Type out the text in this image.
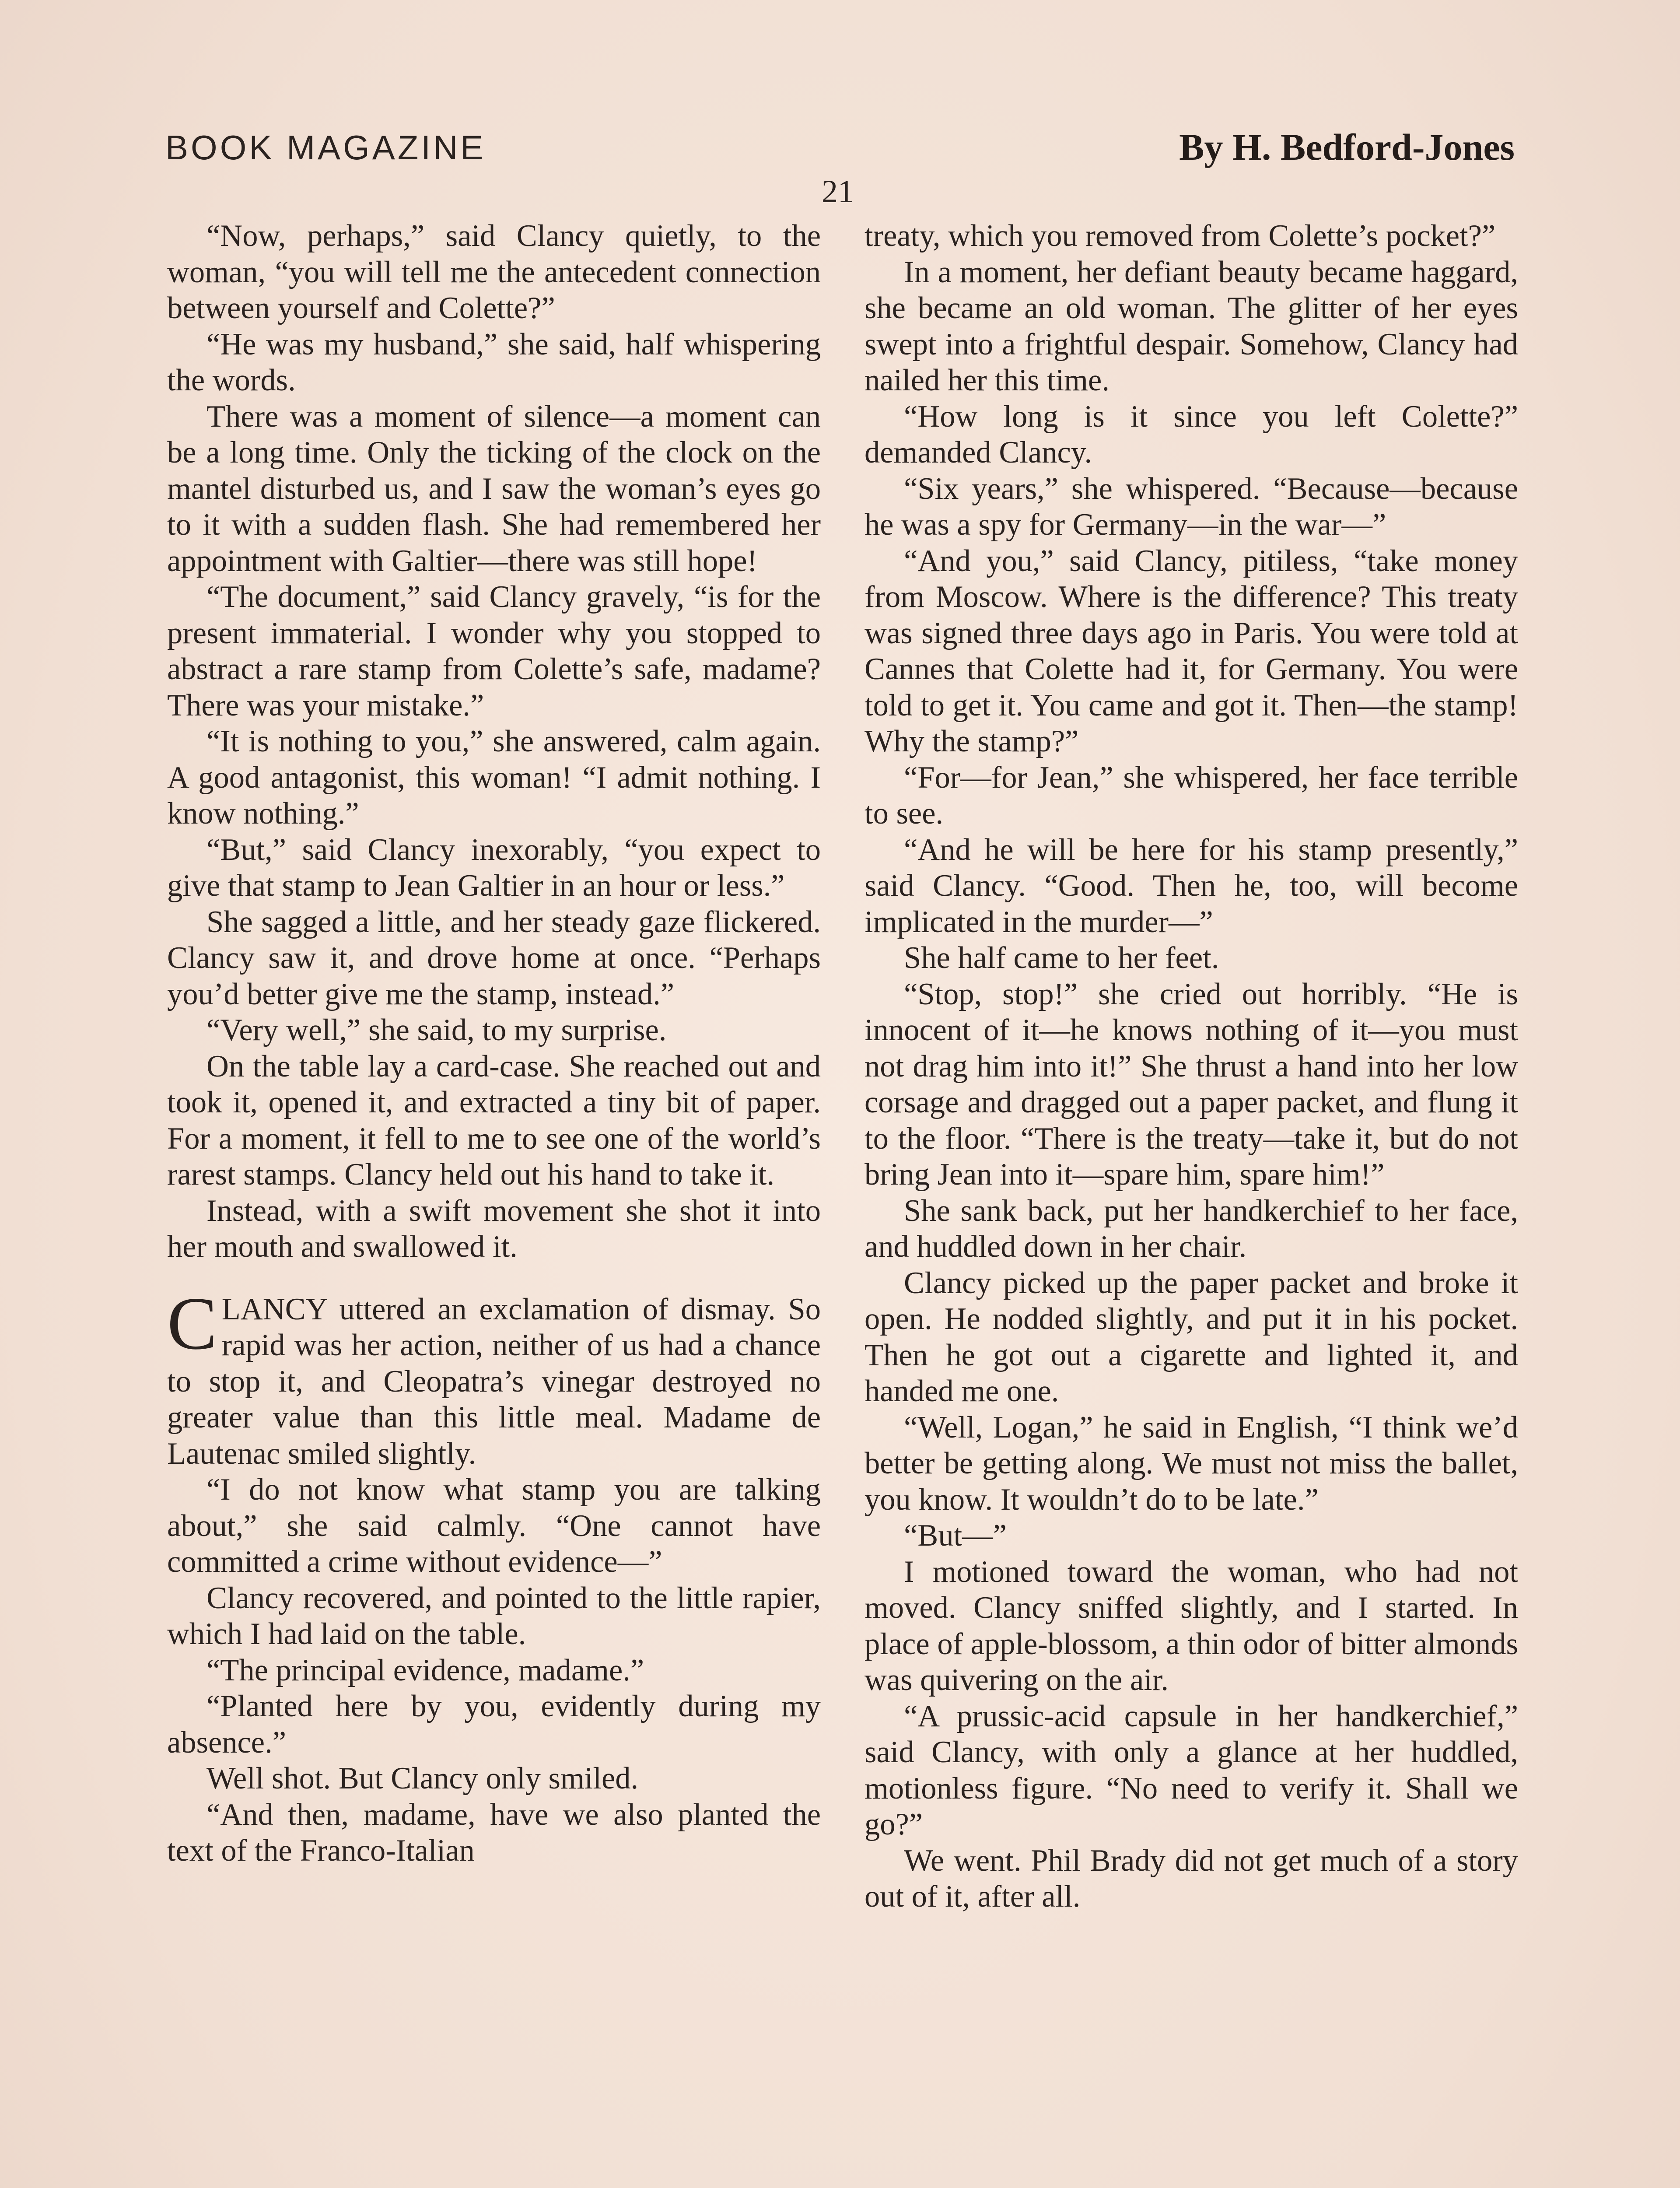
BOOK MAGAZINE	By H. Bedford-Jones
21

“Now, perhaps,” said Clancy quietly, to the woman, “you will tell me the antecedent connection between yourself and Colette?”

“He was my husband,” she said, half whispering the words.

There was a moment of silence—a moment can be a long time. Only the ticking of the clock on the mantel disturbed us, and I saw the woman’s eyes go to it with a sudden flash. She had remembered her appointment with Galtier—there was still hope!

“The document,” said Clancy gravely, “is for the present immaterial. I wonder why you stopped to abstract a rare stamp from Colette’s safe, madame? There was your mistake.”

“It is nothing to you,” she answered, calm again. A good antagonist, this woman! “I admit nothing. I know nothing.”

“But,” said Clancy inexorably, “you expect to give that stamp to Jean Galtier in an hour or less.”

She sagged a little, and her steady gaze flickered. Clancy saw it, and drove home at once. “Perhaps you’d better give me the stamp, instead.”

“Very well,” she said, to my surprise.

On the table lay a card-case. She reached out and took it, opened it, and extracted a tiny bit of paper. For a moment, it fell to me to see one of the world’s rarest stamps. Clancy held out his hand to take it.

Instead, with a swift movement she shot it into her mouth and swallowed it.

CLANCY uttered an exclamation of dismay. So rapid was her action, neither of us had a chance to stop it, and Cleopatra’s vinegar destroyed no greater value than this little meal. Madame de Lautenac smiled slightly.

“I do not know what stamp you are talking about,” she said calmly. “One cannot have committed a crime without evidence—”

Clancy recovered, and pointed to the little rapier, which I had laid on the table.

“The principal evidence, madame.”

“Planted here by you, evidently during my absence.”

Well shot. But Clancy only smiled.

“And then, madame, have we also planted the text of the Franco-Italian

treaty, which you removed from Colette’s pocket?”

In a moment, her defiant beauty became haggard, she became an old woman. The glitter of her eyes swept into a frightful despair. Somehow, Clancy had nailed her this time.

“How long is it since you left Colette?” demanded Clancy.

“Six years,” she whispered. “Because—because he was a spy for Germany—in the war—”

“And you,” said Clancy, pitiless, “take money from Moscow. Where is the difference? This treaty was signed three days ago in Paris. You were told at Cannes that Colette had it, for Germany. You were told to get it. You came and got it. Then—the stamp! Why the stamp?”

“For—for Jean,” she whispered, her face terrible to see.

“And he will be here for his stamp presently,” said Clancy. “Good. Then he, too, will become implicated in the murder—”

She half came to her feet.

“Stop, stop!” she cried out horribly. “He is innocent of it—he knows nothing of it—you must not drag him into it!” She thrust a hand into her low corsage and dragged out a paper packet, and flung it to the floor. “There is the treaty—take it, but do not bring Jean into it—spare him, spare him!”

She sank back, put her handkerchief to her face, and huddled down in her chair.

Clancy picked up the paper packet and broke it open. He nodded slightly, and put it in his pocket. Then he got out a cigarette and lighted it, and handed me one.

“Well, Logan,” he said in English, “I think we’d better be getting along. We must not miss the ballet, you know. It wouldn’t do to be late.”

“But—”

I motioned toward the woman, who had not moved. Clancy sniffed slightly, and I started. In place of apple-blossom, a thin odor of bitter almonds was quivering on the air.

“A prussic-acid capsule in her handkerchief,” said Clancy, with only a glance at her huddled, motionless figure. “No need to verify it. Shall we go?”

We went. Phil Brady did not get much of a story out of it, after all.
